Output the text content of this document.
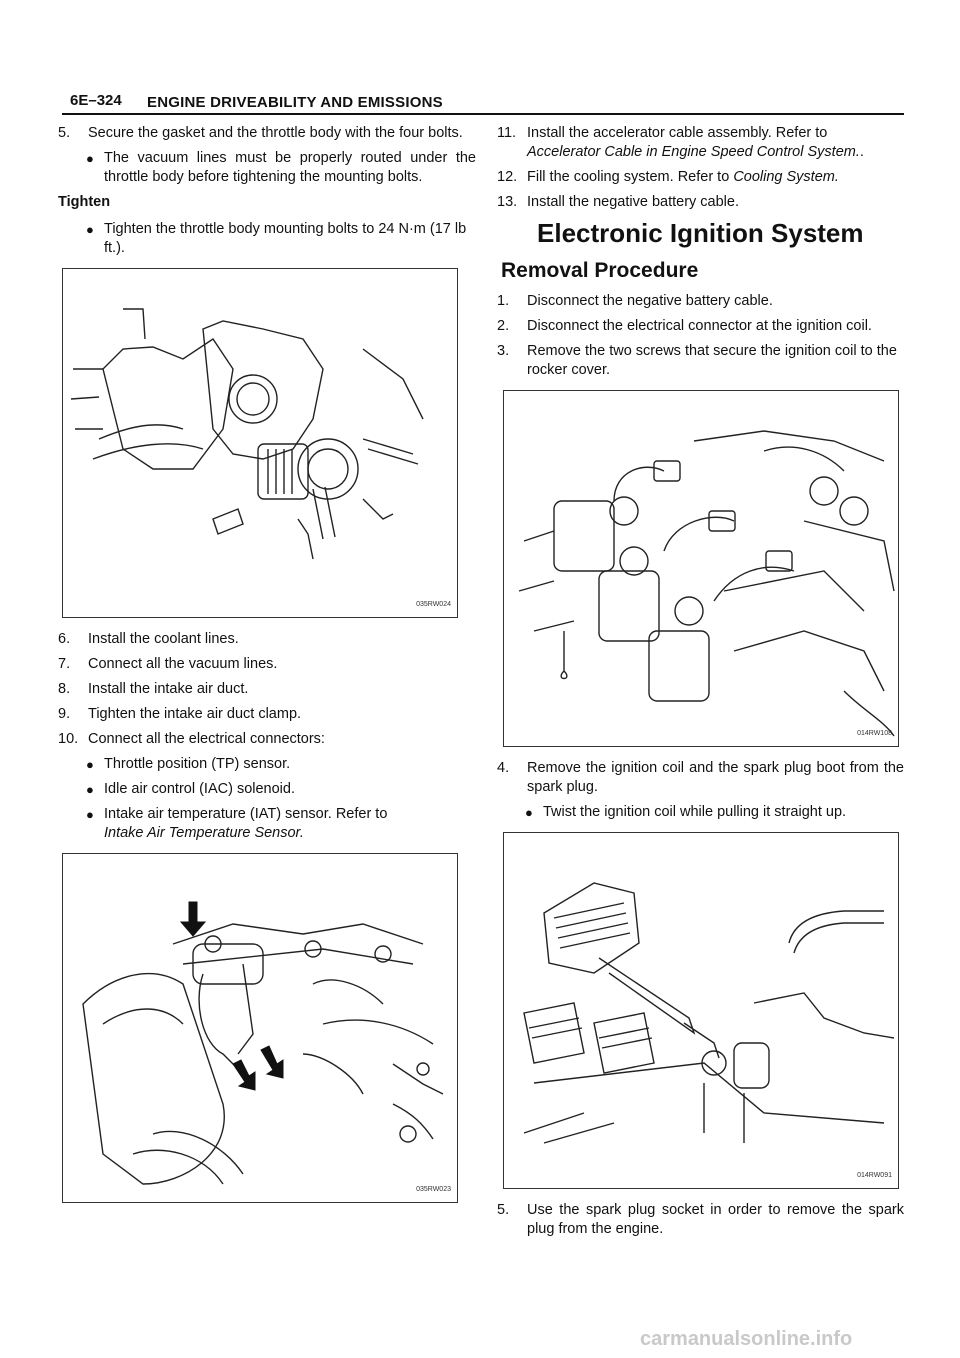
6E–324 ENGINE DRIVEABILITY AND EMISSIONS
5. Secure the gasket and the throttle body with the four bolts.
● The vacuum lines must be properly routed under the throttle body before tightening the mounting bolts.
Tighten
● Tighten the throttle body mounting bolts to 24 N·m (17 lb ft.).
035RW024
6. Install the coolant lines.
7. Connect all the vacuum lines.
8. Install the intake air duct.
9. Tighten the intake air duct clamp.
10. Connect all the electrical connectors:
● Throttle position (TP) sensor.
● Idle air control (IAC) solenoid.
● Intake air temperature (IAT) sensor. Refer to
Intake Air Temperature Sensor.
035RW023
11. Install the accelerator cable assembly. Refer to
Accelerator Cable in Engine Speed Control System..
12. Fill the cooling system. Refer to Cooling System.
13. Install the negative battery cable.
Electronic Ignition System
Removal Procedure
1. Disconnect the negative battery cable.
2. Disconnect the electrical connector at the ignition coil.
3. Remove the two screws that secure the ignition coil to the rocker cover.
014RW108
4. Remove the ignition coil and the spark plug boot from the spark plug.
● Twist the ignition coil while pulling it straight up.
014RW091
5. Use the spark plug socket in order to remove the spark plug from the engine.
carmanualsonline.info
